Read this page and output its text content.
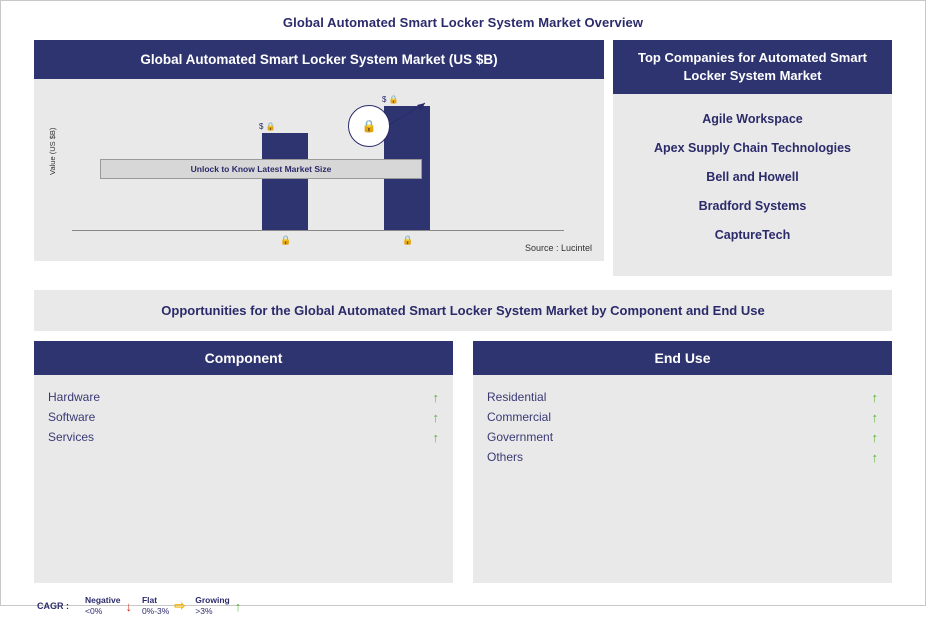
Global Automated Smart Locker System Market Overview
Global Automated Smart Locker System Market (US $B)
Value (US $B)
$ 🔒
$ 🔒
🔒	🔒
Unlock to Know Latest Market Size
🔒
Source : Lucintel
Top Companies for Automated Smart Locker System Market
Agile Workspace
Apex Supply Chain Technologies
Bell and Howell
Bradford Systems
CaptureTech
Opportunities for the Global Automated Smart Locker System Market by Component and End Use
Component
Hardware	↑
Software	↑
Services	↑
End Use
Residential	↑
Commercial	↑
Government	↑
Others	↑
CAGR :
Negative
<0%	↓ Flat
0%-3% ⇨ Growing
>3%	↑
